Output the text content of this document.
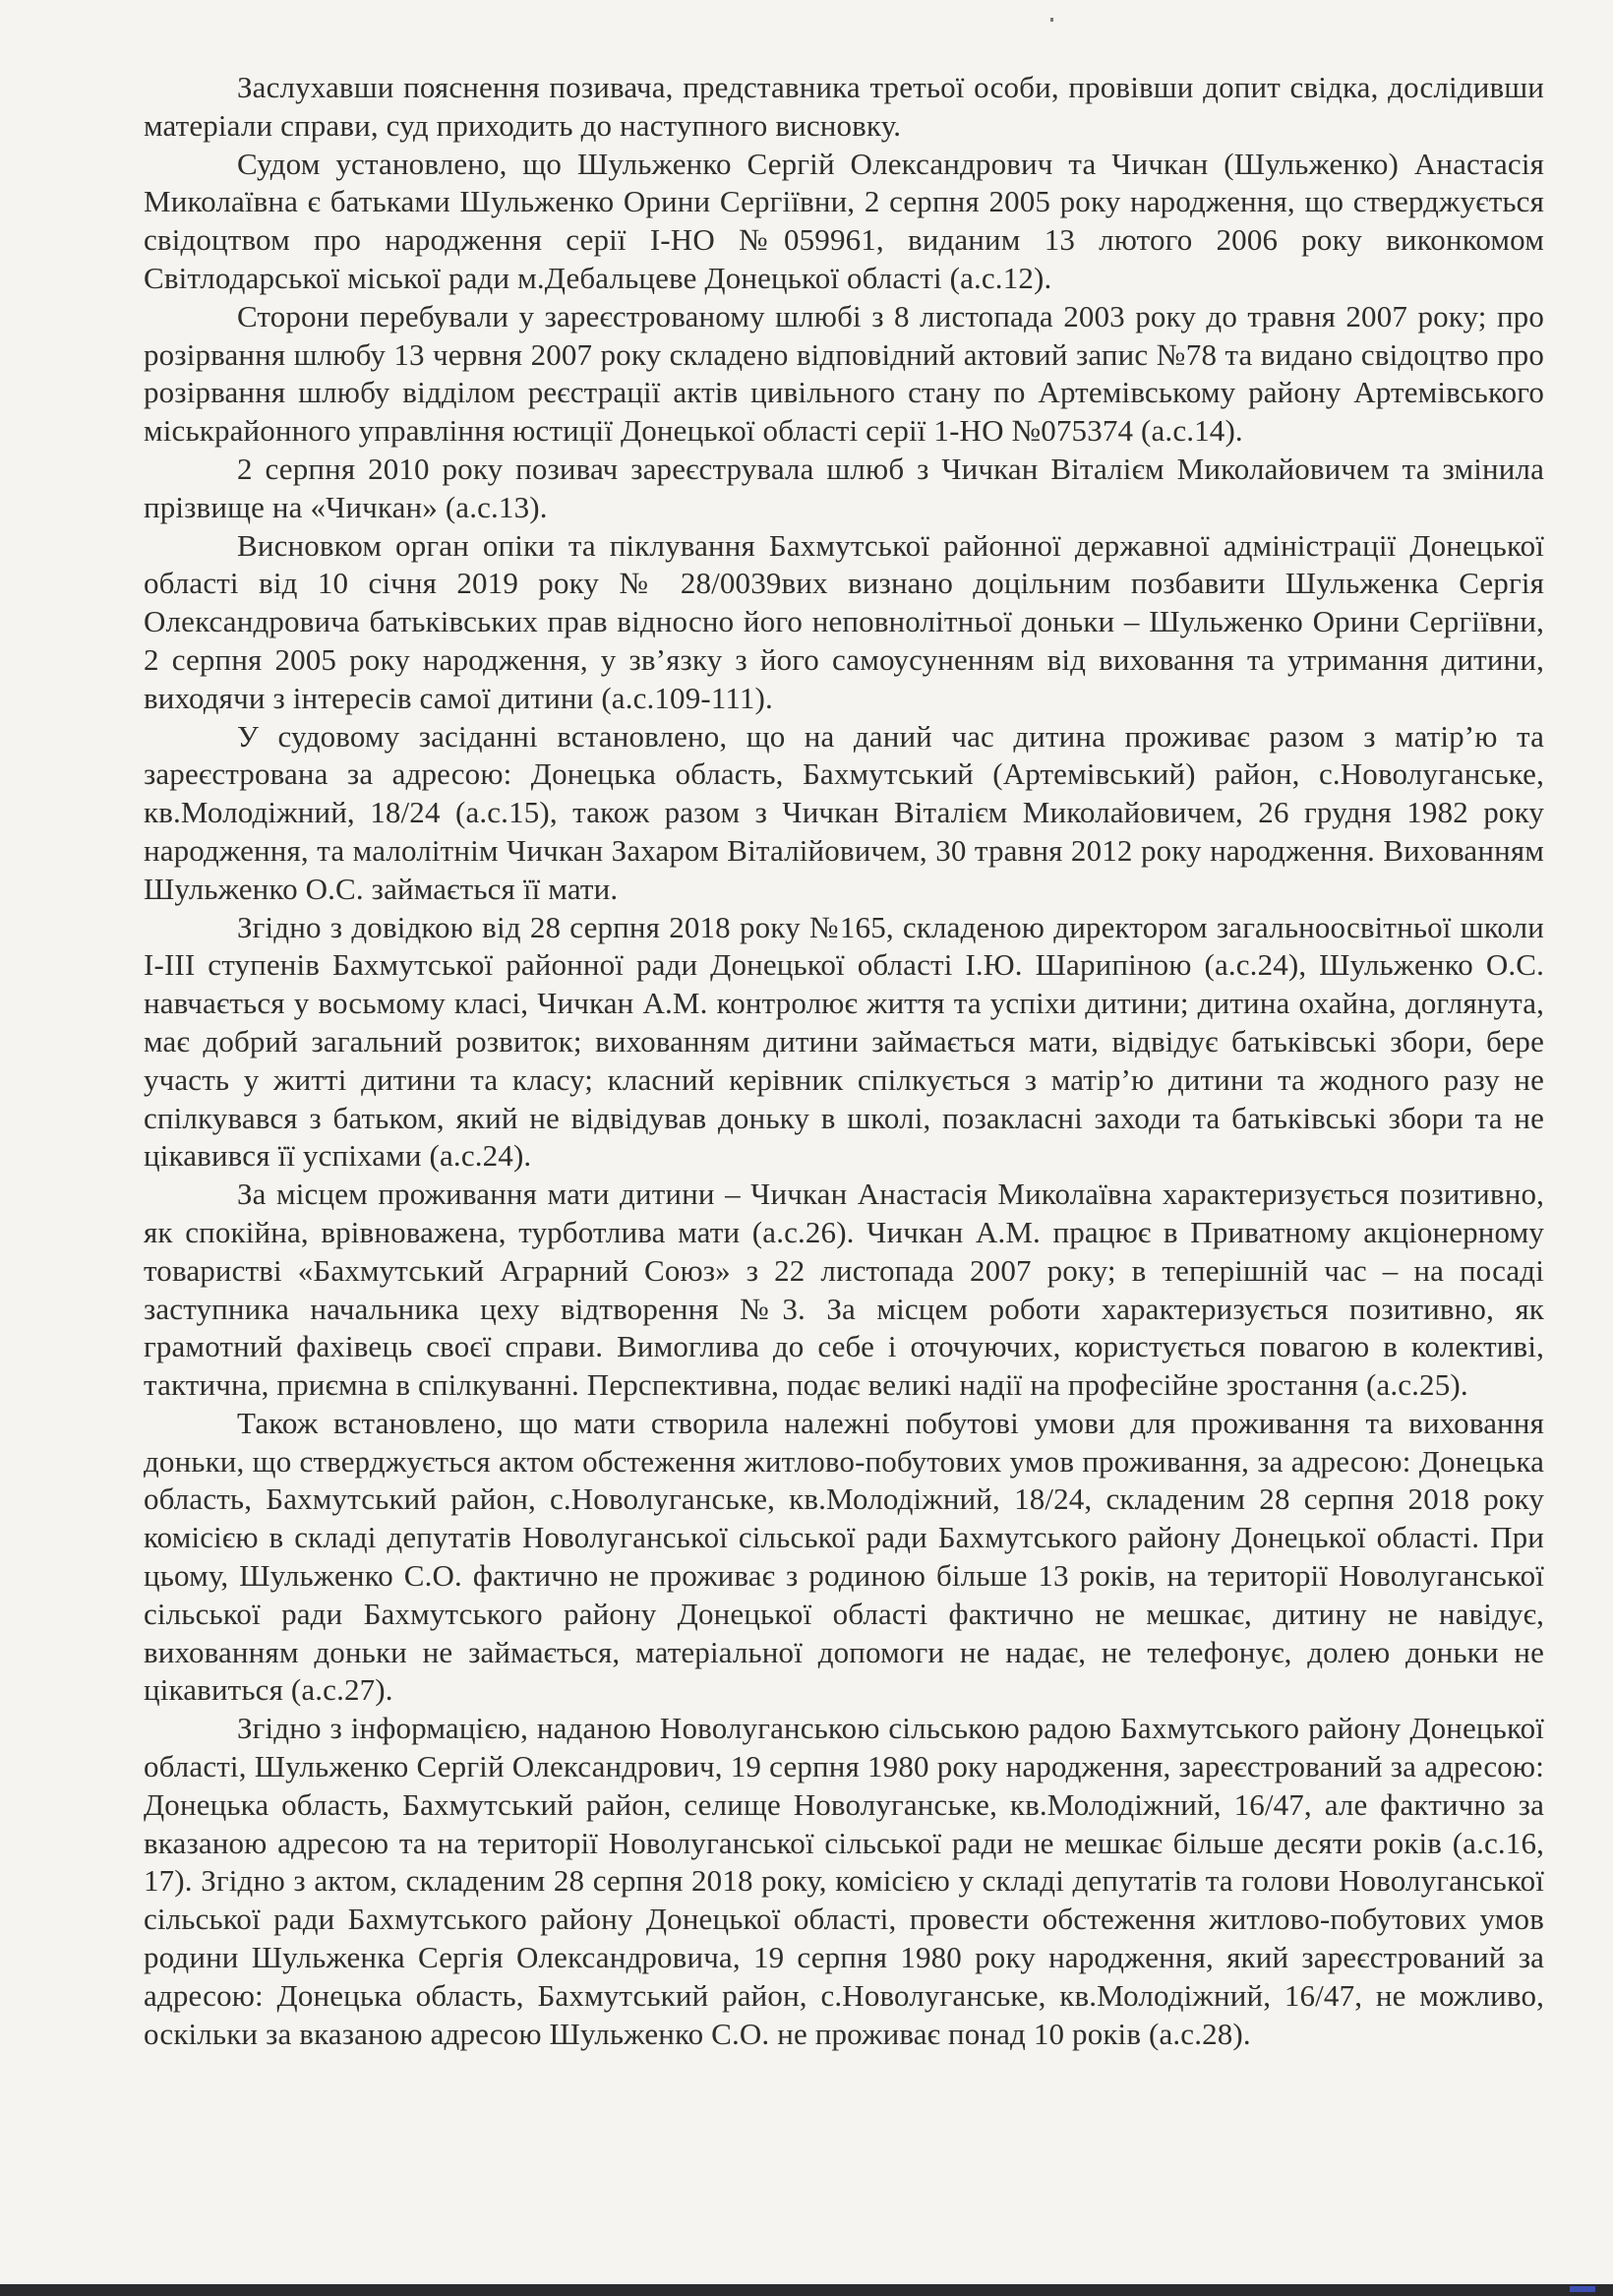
Заслухавши пояснення позивача, представника третьої особи, провівши допит свідка, дослідивши матеріали справи, суд приходить до наступного висновку.

Судом установлено, що Шульженко Сергій Олександрович та Чичкан (Шульженко) Анастасія Миколаївна є батьками Шульженко Орини Сергіївни, 2 серпня 2005 року народження, що стверджується свідоцтвом про народження серії І-НО №059961, виданим 13 лютого 2006 року виконкомом Світлодарської міської ради м.Дебальцеве Донецької області (а.с.12).

Сторони перебували у зареєстрованому шлюбі з 8 листопада 2003 року до травня 2007 року; про розірвання шлюбу 13 червня 2007 року складено відповідний актовий запис №78 та видано свідоцтво про розірвання шлюбу відділом реєстрації актів цивільного стану по Артемівському району Артемівського міськрайонного управління юстиції Донецької області серії 1-НО №075374 (а.с.14).

2 серпня 2010 року позивач зареєструвала шлюб з Чичкан Віталієм Миколайовичем та змінила прізвище на «Чичкан» (а.с.13).

Висновком орган опіки та піклування Бахмутської районної державної адміністрації Донецької області від 10 січня 2019 року № 28/0039вих визнано доцільним позбавити Шульженка Сергія Олександровича батьківських прав відносно його неповнолітньої доньки – Шульженко Орини Сергіївни, 2 серпня 2005 року народження, у зв’язку з його самоусуненням від виховання та утримання дитини, виходячи з інтересів самої дитини (а.с.109-111).

У судовому засіданні встановлено, що на даний час дитина проживає разом з матір’ю та зареєстрована за адресою: Донецька область, Бахмутський (Артемівський) район, с.Новолуганське, кв.Молодіжний, 18/24 (а.с.15), також разом з Чичкан Віталієм Миколайовичем, 26 грудня 1982 року народження, та малолітнім Чичкан Захаром Віталійовичем, 30 травня 2012 року народження. Вихованням Шульженко О.С. займається її мати.

Згідно з довідкою від 28 серпня 2018 року №165, складеною директором загальноосвітньої школи І-ІІІ ступенів Бахмутської районної ради Донецької області І.Ю. Шарипіною (а.с.24), Шульженко О.С. навчається у восьмому класі, Чичкан А.М. контролює життя та успіхи дитини; дитина охайна, доглянута, має добрий загальний розвиток; вихованням дитини займається мати, відвідує батьківські збори, бере участь у житті дитини та класу; класний керівник спілкується з матір’ю дитини та жодного разу не спілкувався з батьком, який не відвідував доньку в школі, позакласні заходи та батьківські збори та не цікавився її успіхами (а.с.24).

За місцем проживання мати дитини – Чичкан Анастасія Миколаївна характеризується позитивно, як спокійна, врівноважена, турботлива мати (а.с.26). Чичкан А.М. працює в Приватному акціонерному товаристві «Бахмутський Аграрний Союз» з 22 листопада 2007 року; в теперішній час – на посаді заступника начальника цеху відтворення №3. За місцем роботи характеризується позитивно, як грамотний фахівець своєї справи. Вимоглива до себе і оточуючих, користується повагою в колективі, тактична, приємна в спілкуванні. Перспективна, подає великі надії на професійне зростання (а.с.25).

Також встановлено, що мати створила належні побутові умови для проживання та виховання доньки, що стверджується актом обстеження житлово-побутових умов проживання, за адресою: Донецька область, Бахмутський район, с.Новолуганське, кв.Молодіжний, 18/24, складеним 28 серпня 2018 року комісією в складі депутатів Новолуганської сільської ради Бахмутського району Донецької області. При цьому, Шульженко С.О. фактично не проживає з родиною більше 13 років, на території Новолуганської сільської ради Бахмутського району Донецької області фактично не мешкає, дитину не навідує, вихованням доньки не займається, матеріальної допомоги не надає, не телефонує, долею доньки не цікавиться (а.с.27).

Згідно з інформацією, наданою Новолуганською сільською радою Бахмутського району Донецької області, Шульженко Сергій Олександрович, 19 серпня 1980 року народження, зареєстрований за адресою: Донецька область, Бахмутський район, селище Новолуганське, кв.Молодіжний, 16/47, але фактично за вказаною адресою та на території Новолуганської сільської ради не мешкає більше десяти років (а.с.16, 17). Згідно з актом, складеним 28 серпня 2018 року, комісією у складі депутатів та голови Новолуганської сільської ради Бахмутського району Донецької області, провести обстеження житлово-побутових умов родини Шульженка Сергія Олександровича, 19 серпня 1980 року народження, який зареєстрований за адресою: Донецька область, Бахмутський район, с.Новолуганське, кв.Молодіжний, 16/47, не можливо, оскільки за вказаною адресою Шульженко С.О. не проживає понад 10 років (а.с.28).
